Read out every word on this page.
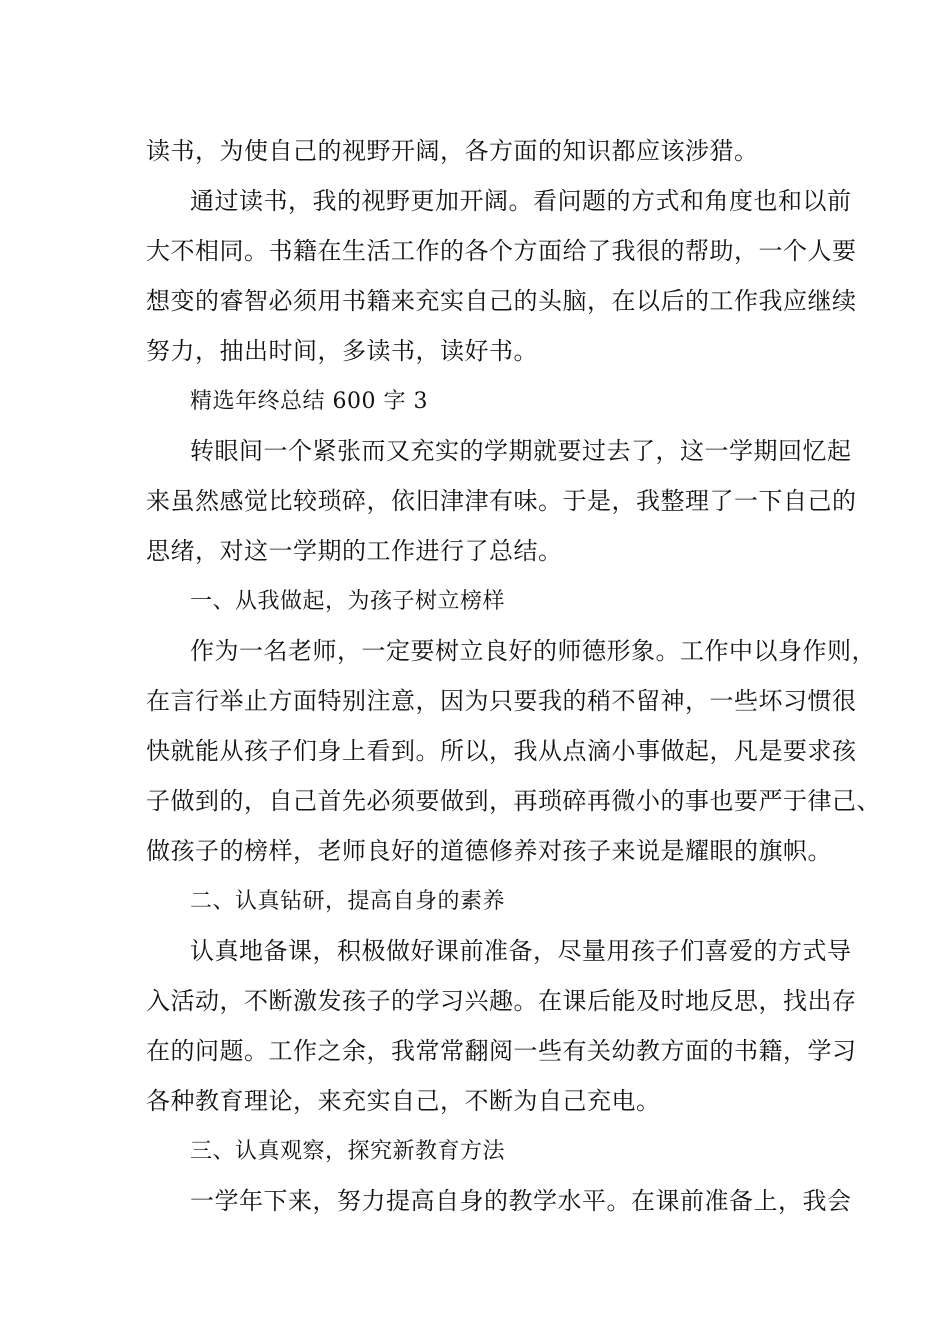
读书，为使自己的视野开阔，各方面的知识都应该涉猎。
通过读书，我的视野更加开阔。看问题的方式和角度也和以前
大不相同。书籍在生活工作的各个方面给了我很的帮助，一个人要
想变的睿智必须用书籍来充实自己的头脑，在以后的工作我应继续
努力，抽出时间，多读书，读好书。
精选年终总结 600 字 3
转眼间一个紧张而又充实的学期就要过去了，这一学期回忆起
来虽然感觉比较琐碎，依旧津津有味。于是，我整理了一下自己的
思绪，对这一学期的工作进行了总结。
一、从我做起，为孩子树立榜样
作为一名老师，一定要树立良好的师德形象。工作中以身作则，
在言行举止方面特别注意，因为只要我的稍不留神，一些坏习惯很
快就能从孩子们身上看到。所以，我从点滴小事做起，凡是要求孩
子做到的，自己首先必须要做到，再琐碎再微小的事也要严于律己、
做孩子的榜样，老师良好的道德修养对孩子来说是耀眼的旗帜。
二、认真钻研，提高自身的素养
认真地备课，积极做好课前准备，尽量用孩子们喜爱的方式导
入活动，不断激发孩子的学习兴趣。在课后能及时地反思，找出存
在的问题。工作之余，我常常翻阅一些有关幼教方面的书籍，学习
各种教育理论，来充实自己，不断为自己充电。
三、认真观察，探究新教育方法
一学年下来，努力提高自身的教学水平。在课前准备上，我会
